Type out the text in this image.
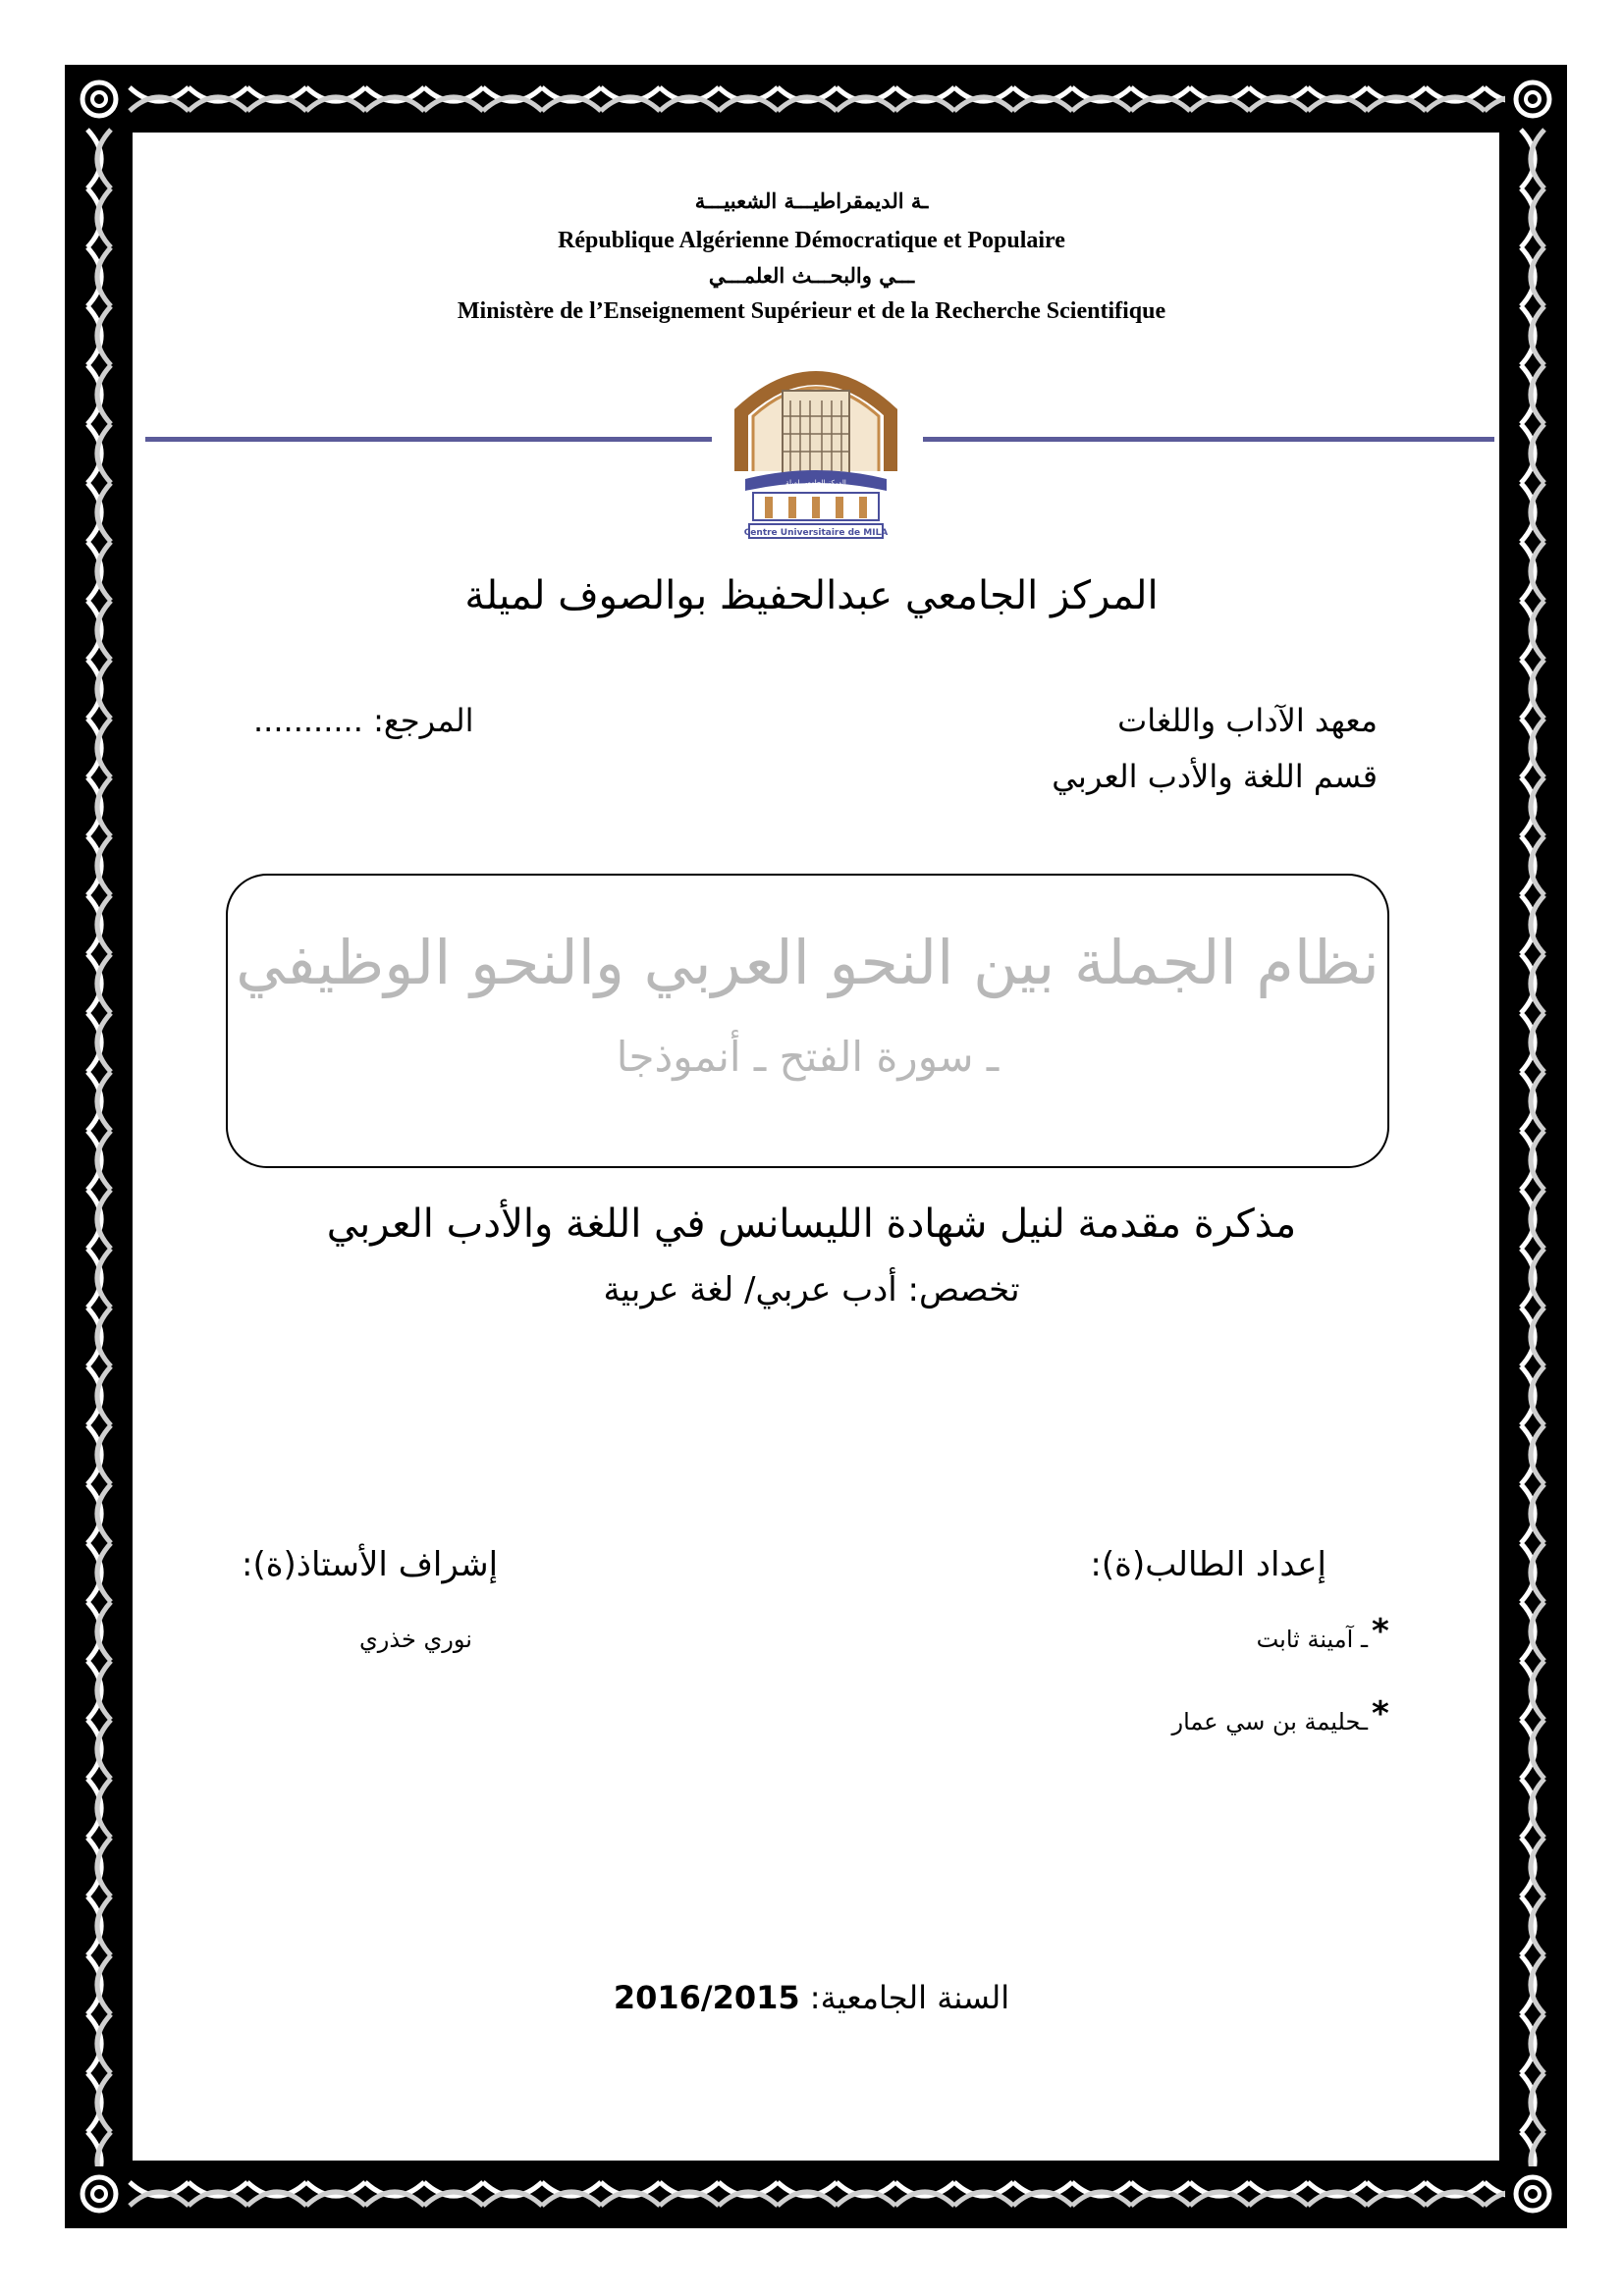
ـة الديمقراطيـــة الشعبيـــة
République Algérienne Démocratique et Populaire
ـــي والبحـــث العلمـــي
Ministère de l’Enseignement Supérieur et de la Recherche Scientifique
المركز الجامعي لميلة
Centre Universitaire de MILA
المركز الجامعي عبدالحفيظ بوالصوف لميلة
معهد الآداب واللغات
قسم اللغة والأدب العربي
المرجع: ...........
نظام الجملة بين النحو العربي والنحو الوظيفي
ـ سورة الفتح ـ أنموذجا
مذكرة مقدمة لنيل شهادة الليسانس في اللغة والأدب العربي
تخصص: أدب عربي/ لغة عربية
إعداد الطالب(ة):
*
ـ آمينة ثابت
*
ـحليمة بن سي عمار
إشراف الأستاذ(ة):
نوري خذري
السنة الجامعية: 2016/2015
